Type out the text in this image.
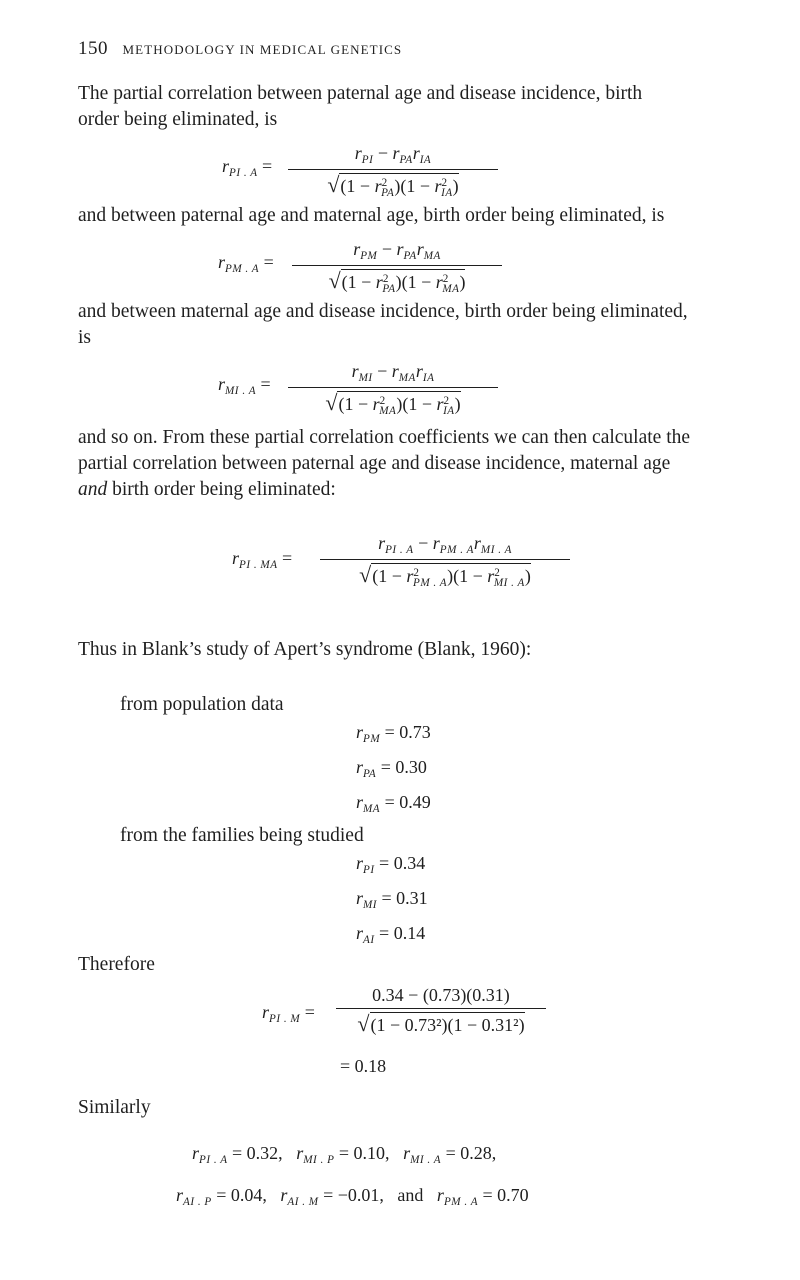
150 METHODOLOGY IN MEDICAL GENETICS
The partial correlation between paternal age and disease incidence, birth
order being eliminated, is
$r_{PI . A}$ =
$r_{PI} - r_{PA}r_{IA}$
$√(1 - r^2_{PA})(1 - r^2_{IA})$
and between paternal age and maternal age, birth order being eliminated, is
$r_{PM . A}$ =
$r_{PM} - r_{PA}r_{MA}$
$√(1 - r^2_{PA})(1 - r^2_{MA})$
and between maternal age and disease incidence, birth order being eliminated,
is
$r_{MI . A}$ =
$r_{MI} - r_{MA}r_{IA}$
$√(1 - r^2_{MA})(1 - r^2_{IA})$
and so on. From these partial correlation coefficients we can then calculate the
partial correlation between paternal age and disease incidence, maternal age
and birth order being eliminated:
$r_{PI . MA}$ =
$r_{PI . A} - r_{PM . A}r_{MI . A}$
$√(1 - r^2_{PM . A})(1 - r^2_{MI . A})$
Thus in Blank’s study of Apert’s syndrome (Blank, 1960):
from population data
$r_{PM} = 0.73$
$r_{PA} = 0.30$
$r_{MA} = 0.49$
from the families being studied
$r_{PI} = 0.34$
$r_{MI} = 0.31$
$r_{AI} = 0.14$
Therefore
$r_{PI . M}$ =
0.34 − (0.73)(0.31)
√(1 − 0.73²)(1 − 0.31²)
= 0.18
Similarly
$r_{PI . A} = 0.32$, $r_{MI . P} = 0.10$, $r_{MI . A} = 0.28$,
$r_{AI . P} = 0.04$, $r_{AI . M} = -0.01$, and $r_{PM . A} = 0.70$
